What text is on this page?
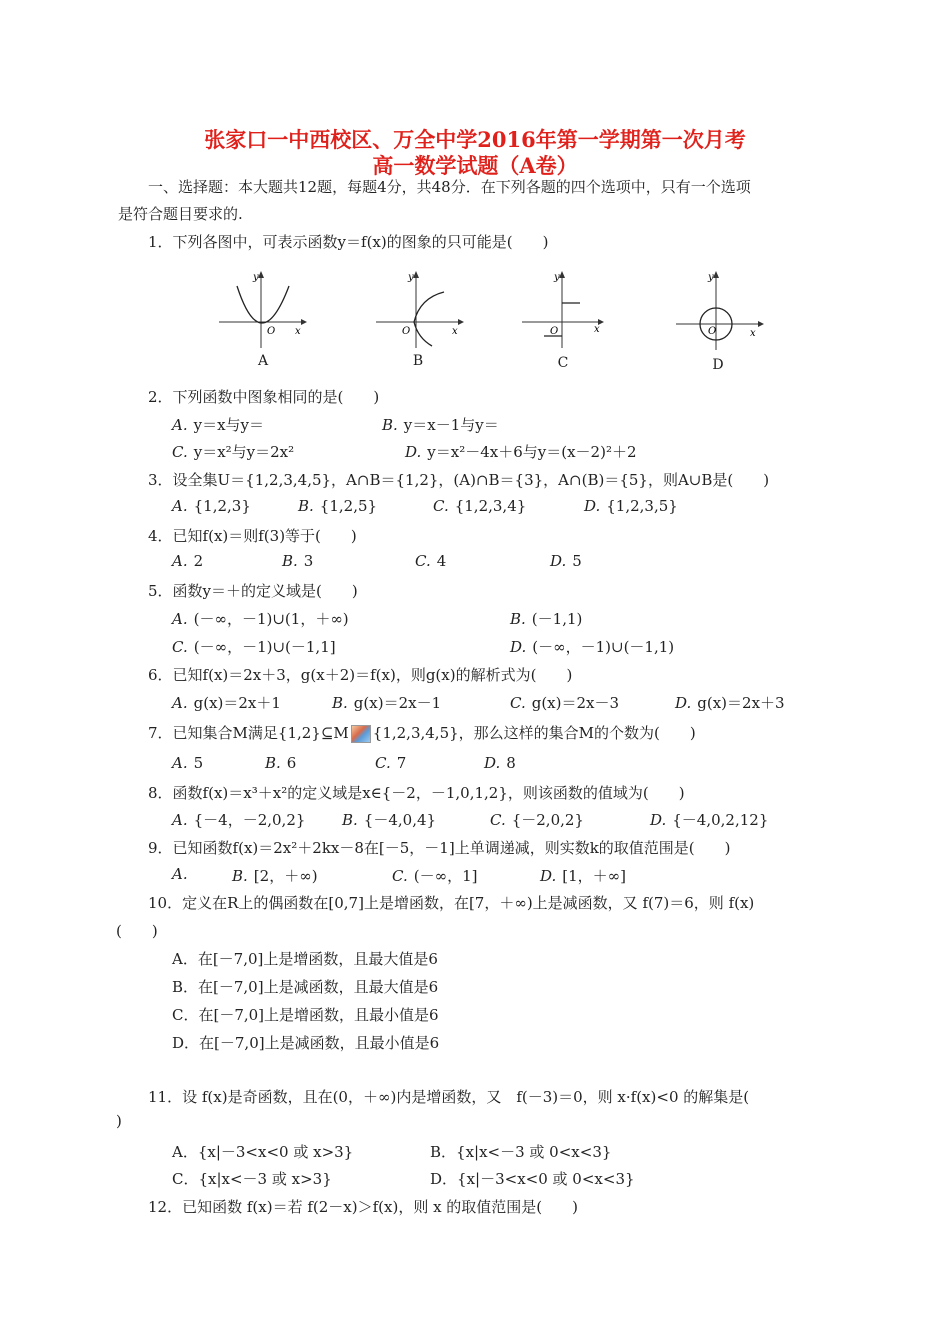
张家口一中西校区、万全中学2016年第一学期第一次月考
高一数学试题（A卷）
一、选择题：本大题共12题，每题4分，共48分．在下列各题的四个选项中，只有一个选项
是符合题目要求的.
1．下列各图中，可表示函数y＝f(x)的图象的只可能是(　　)
O x
y
A
O	x
y
B
O	x
y
C
O	x
y
D
2．下列函数中图象相同的是(　　)
A. y＝x与y＝	B. y＝x－1与y＝
C. y＝x²与y＝2x²	D. y＝x²－4x＋6与y＝(x－2)²＋2
3．设全集U＝{1,2,3,4,5}，A∩B＝{1,2}，(A)∩B＝{3}，A∩(B)＝{5}，则A∪B是(　　)
A. {1,2,3}	B. {1,2,5}	C. {1,2,3,4}	D. {1,2,3,5}
4．已知f(x)＝则f(3)等于(　　)
A. 2	B. 3	C. 4	D. 5
5．函数y＝＋的定义域是(　　)
A. (－∞，－1)∪(1，＋∞)	B. (－1,1)
C. (－∞，－1)∪(－1,1]	D. (－∞，－1)∪(－1,1)
6．已知f(x)＝2x＋3，g(x＋2)＝f(x)，则g(x)的解析式为(　　)
A. g(x)＝2x＋1	B. g(x)＝2x－1	C. g(x)＝2x－3	D. g(x)＝2x＋3
7．已知集合M满足{1,2}⊆M {1,2,3,4,5}，那么这样的集合M的个数为(　　)
A. 5	B. 6	C. 7	D. 8
8．函数f(x)＝x³＋x²的定义域是x∈{－2，－1,0,1,2}，则该函数的值域为(　　)
A. {－4，－2,0,2} B. {－4,0,4}	C. {－2,0,2}	D. {－4,0,2,12}
9．已知函数f(x)＝2x²＋2kx－8在[－5，－1]上单调递减，则实数k的取值范围是(　　)
A.	B. [2，＋∞)	C. (－∞，1]	D. [1，＋∞]
10．定义在R上的偶函数在[0,7]上是增函数，在[7，＋∞)上是减函数，又 f(7)＝6，则 f(x)
(　　)
A．在[－7,0]上是增函数，且最大值是6
B．在[－7,0]上是减函数，且最大值是6
C．在[－7,0]上是增函数，且最小值是6
D．在[－7,0]上是减函数，且最小值是6
11．设 f(x)是奇函数，且在(0，＋∞)内是增函数，又　f(－3)＝0，则 x·f(x)<0 的解集是(
)
A．{x|－3<x<0 或 x>3}	B．{x|x<－3 或 0<x<3}
C．{x|x<－3 或 x>3}	D．{x|－3<x<0 或 0<x<3}
12．已知函数 f(x)＝若 f(2－x)＞f(x)，则 x 的取值范围是(　　)
